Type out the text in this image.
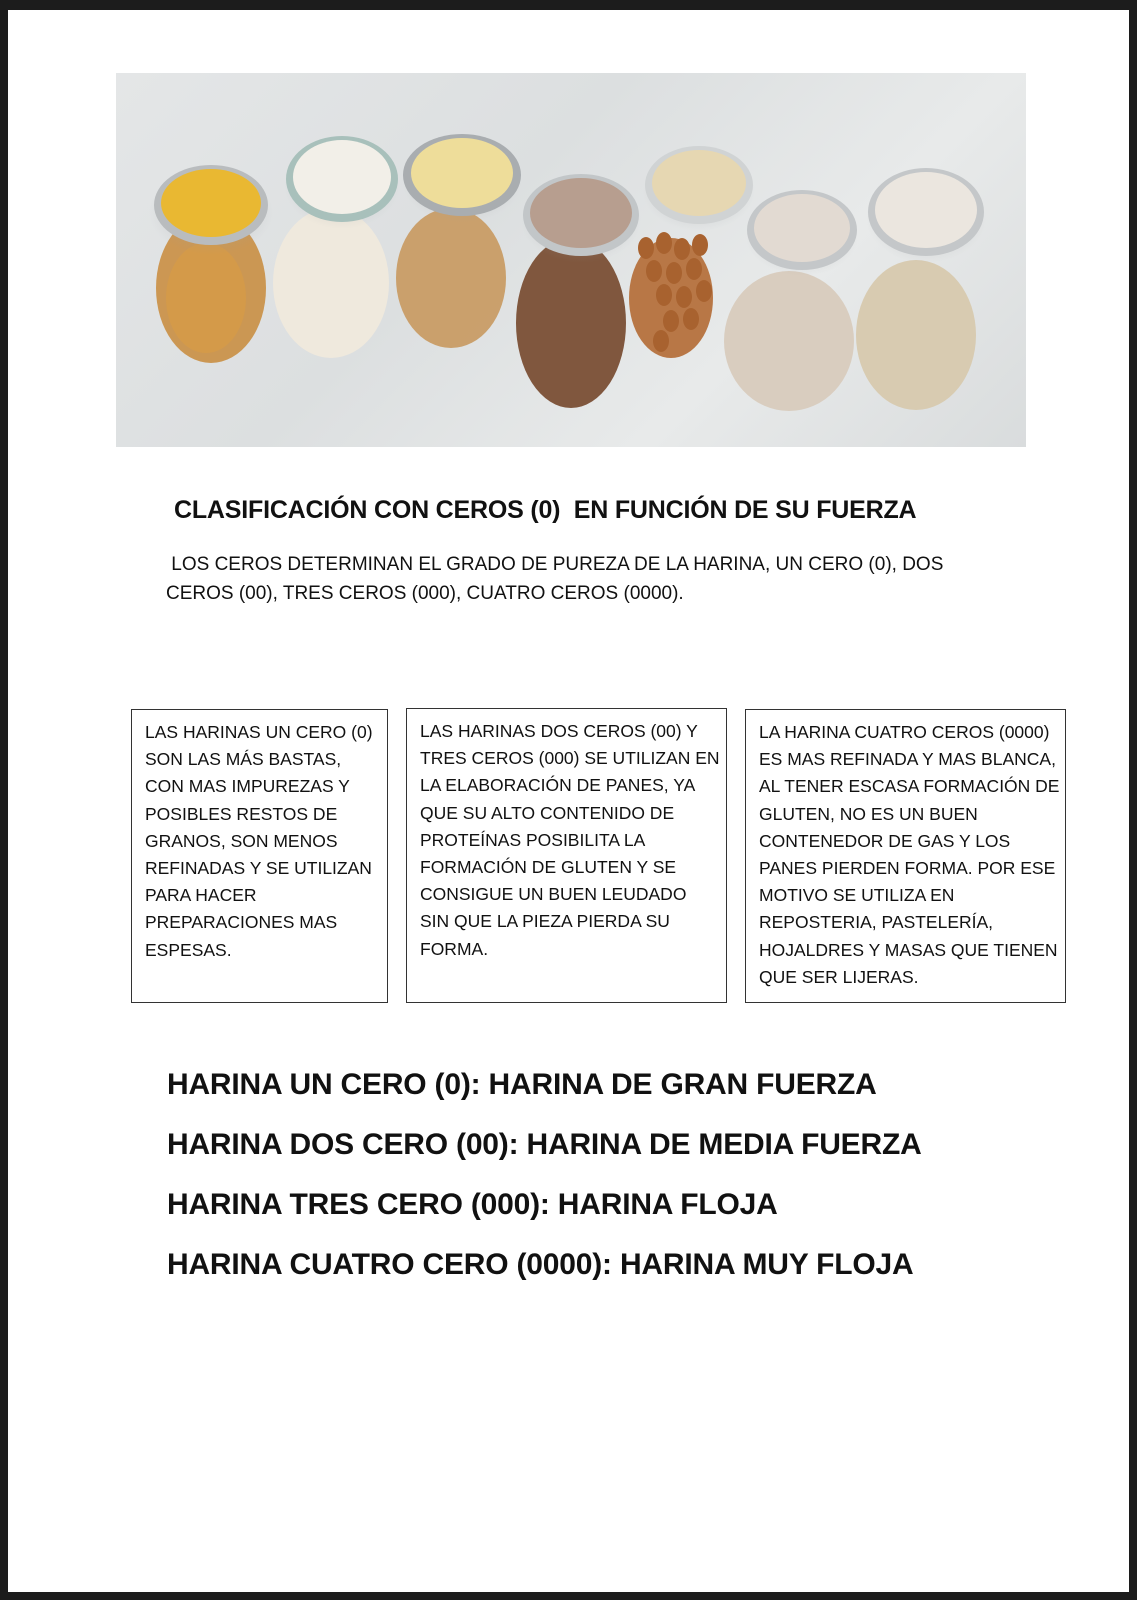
CLASIFICACIÓN CON CEROS (0)  EN FUNCIÓN DE SU FUERZA

LOS CEROS DETERMINAN EL GRADO DE PUREZA DE LA HARINA, UN CERO (0), DOS
CEROS (00), TRES CEROS (000), CUATRO CEROS (0000).

LAS HARINAS UN CERO (0)
SON LAS MÁS BASTAS,
CON MAS IMPUREZAS Y
POSIBLES RESTOS DE
GRANOS, SON MENOS
REFINADAS Y SE UTILIZAN
PARA HACER
PREPARACIONES MAS
ESPESAS.
LAS HARINAS DOS CEROS (00) Y
TRES CEROS (000) SE UTILIZAN EN
LA ELABORACIÓN DE PANES, YA
QUE SU ALTO CONTENIDO DE
PROTEÍNAS POSIBILITA LA
FORMACIÓN DE GLUTEN Y SE
CONSIGUE UN BUEN LEUDADO
SIN QUE LA PIEZA PIERDA SU
FORMA.
LA HARINA CUATRO CEROS (0000)
ES MAS REFINADA Y MAS BLANCA,
AL TENER ESCASA FORMACIÓN DE
GLUTEN, NO ES UN BUEN
CONTENEDOR DE GAS Y LOS
PANES PIERDEN FORMA. POR ESE
MOTIVO SE UTILIZA EN
REPOSTERIA, PASTELERÍA,
HOJALDRES Y MASAS QUE TIENEN
QUE SER LIJERAS.
HARINA UN CERO (0): HARINA DE GRAN FUERZA
HARINA DOS CERO (00): HARINA DE MEDIA FUERZA
HARINA TRES CERO (000): HARINA FLOJA
HARINA CUATRO CERO (0000): HARINA MUY FLOJA
